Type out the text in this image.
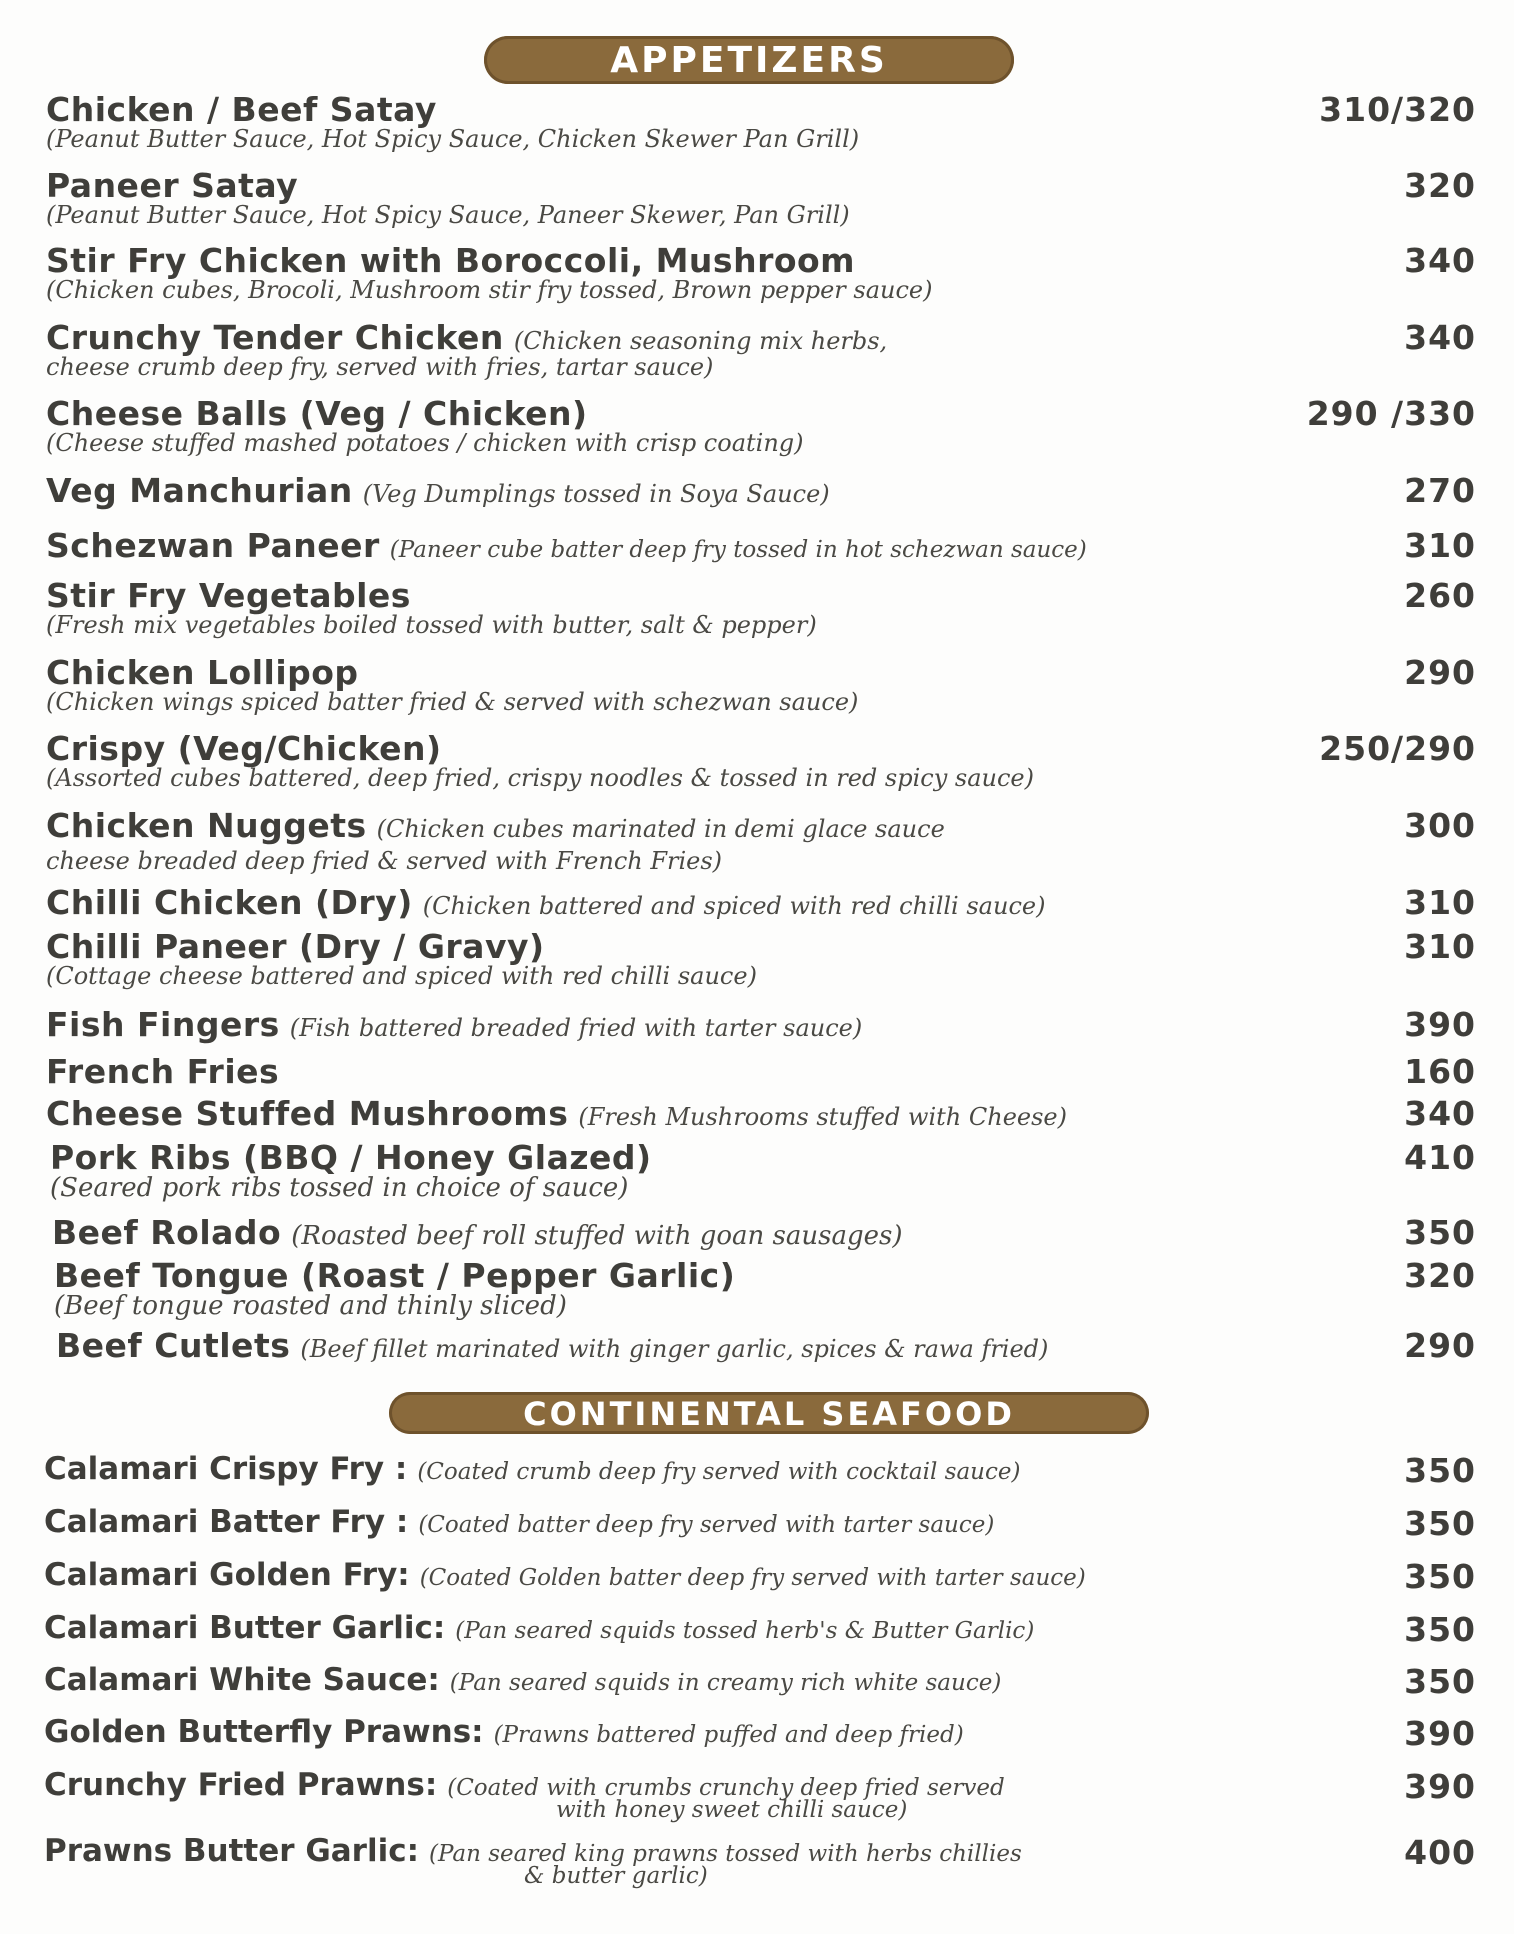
APPETIZERS
Chicken / Beef Satay
(Peanut Butter Sauce, Hot Spicy Sauce, Chicken Skewer Pan Grill)
310/320
Paneer Satay
(Peanut Butter Sauce, Hot Spicy Sauce, Paneer Skewer, Pan Grill)
320
Stir Fry Chicken with Boroccoli, Mushroom
(Chicken cubes, Brocoli, Mushroom stir fry tossed, Brown pepper sauce)
340
Crunchy Tender Chicken (Chicken seasoning mix herbs,
cheese crumb deep fry, served with fries, tartar sauce)
340
Cheese Balls (Veg / Chicken)
(Cheese stuffed mashed potatoes / chicken with crisp coating)
290 /330
Veg Manchurian (Veg Dumplings tossed in Soya Sauce)	270
Schezwan Paneer (Paneer cube batter deep fry tossed in hot schezwan sauce)	310
Stir Fry Vegetables
(Fresh mix vegetables boiled tossed with butter, salt & pepper)
260
Chicken Lollipop
(Chicken wings spiced batter fried & served with schezwan sauce)
290
Crispy (Veg/Chicken)
(Assorted cubes battered, deep fried, crispy noodles & tossed in red spicy sauce)
250/290
Chicken Nuggets (Chicken cubes marinated in demi glace sauce
cheese breaded deep fried & served with French Fries)
300
Chilli Chicken (Dry) (Chicken battered and spiced with red chilli sauce)	310
Chilli Paneer (Dry / Gravy)
(Cottage cheese battered and spiced with red chilli sauce)
310
Fish Fingers (Fish battered breaded fried with tarter sauce)	390
French Fries	160
Cheese Stuffed Mushrooms (Fresh Mushrooms stuffed with Cheese)	340
Pork Ribs (BBQ / Honey Glazed)
(Seared pork ribs tossed in choice of sauce)
410
Beef Rolado (Roasted beef roll stuffed with goan sausages)	350
Beef Tongue (Roast / Pepper Garlic)
(Beef tongue roasted and thinly sliced)
320
Beef Cutlets (Beef fillet marinated with ginger garlic, spices & rawa fried)	290
CONTINENTAL SEAFOOD
Calamari Crispy Fry : (Coated crumb deep fry served with cocktail sauce)	350
Calamari Batter Fry : (Coated batter deep fry served with tarter sauce)	350
Calamari Golden Fry: (Coated Golden batter deep fry served with tarter sauce)	350
Calamari Butter Garlic: (Pan seared squids tossed herb's & Butter Garlic)	350
Calamari White Sauce: (Pan seared squids in creamy rich white sauce)	350
Golden Butterfly Prawns: (Prawns battered puffed and deep fried)	390
Crunchy Fried Prawns: (Coated with crumbs crunchy deep fried served
with honey sweet chilli sauce)
390
Prawns Butter Garlic: (Pan seared king prawns tossed with herbs chillies
& butter garlic)
400
